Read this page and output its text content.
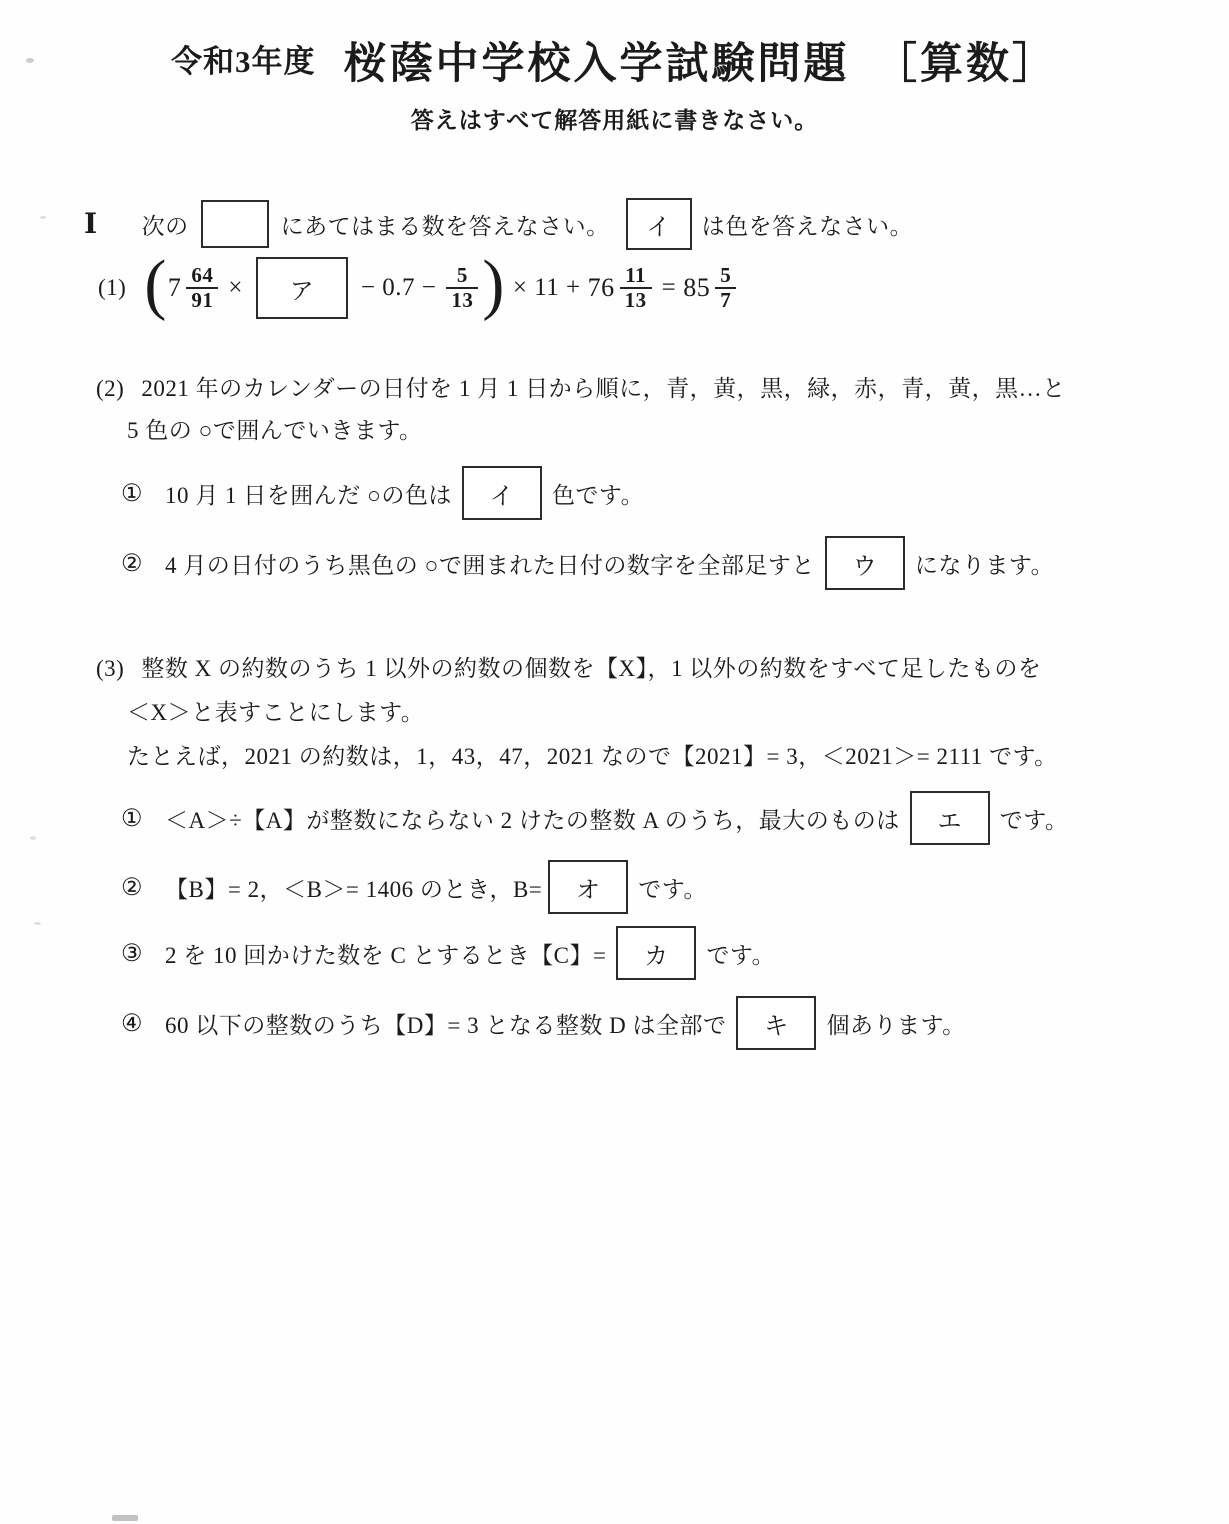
令和3年度 桜蔭中学校入学試験問題　［算数］
答えはすべて解答用紙に書きなさい。
Ⅰ 次の	にあてはまる数を答えなさい。 イ は色を答えなさい。
(1) ( $7 \frac{64}{91}$ × ア − $0.7 - \frac{5}{13}$ ) × $11 + 76 \frac{11}{13} = 85 \frac{5}{7}$
(2) 2021 年のカレンダーの日付を 1 月 1 日から順に，青，黄，黒，緑，赤，青，黄，黒…と
5 色の ○で囲んでいきます。
① 10 月 1 日を囲んだ ○の色は イ 色です。
② 4 月の日付のうち黒色の ○で囲まれた日付の数字を全部足すと ウ になります。
(3) 整数 X の約数のうち 1 以外の約数の個数を【X】，1 以外の約数をすべて足したものを
＜X＞と表すことにします。
たとえば，2021 の約数は，1，43，47，2021 なので【2021】= 3，＜2021＞= 2111 です。
① ＜A＞÷【A】が整数にならない 2 けたの整数 A のうち，最大のものは エ です。
② 【B】= 2，＜B＞= 1406 のとき，B= オ です。
③ 2 を 10 回かけた数を C とするとき【C】= カ です。
④ 60 以下の整数のうち【D】= 3 となる整数 D は全部で キ 個あります。
